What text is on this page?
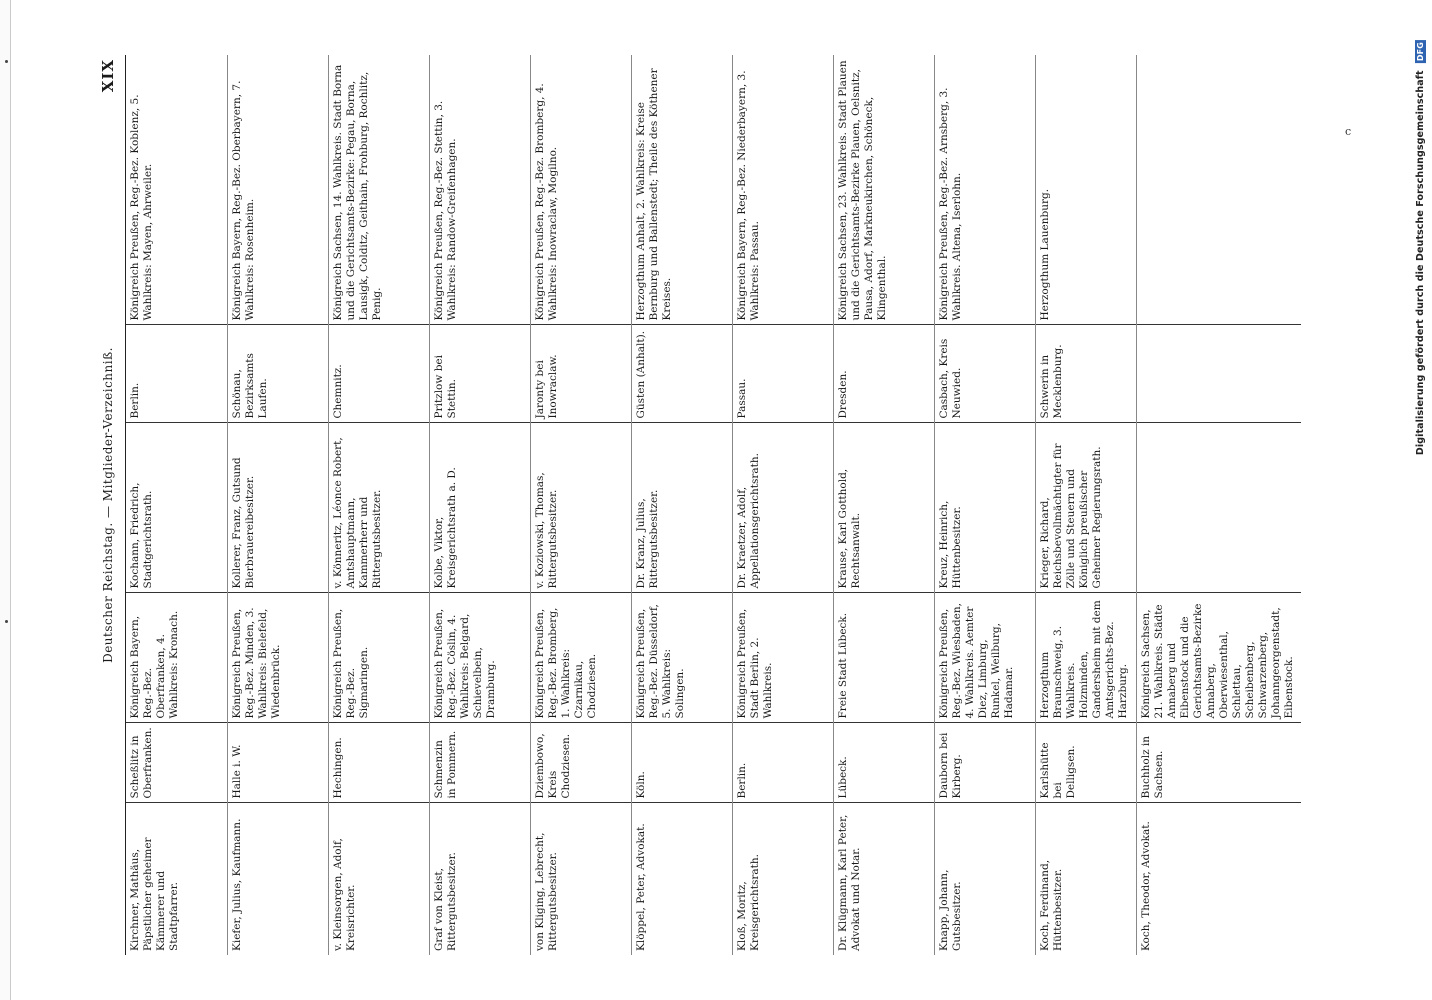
c
Deutscher Reichstag. — Mitglieder-Verzeichniß.
XIX
Kirchner, Mathäus, Päpstlicher geheimer Kämmerer und Stadtpfarrer.	Scheßlitz in Oberfranken.	Königreich Bayern, Reg.-Bez. Oberfranken, 4. Wahlkreis: Kronach.	Kochann, Friedrich, Stadtgerichtsrath.	Berlin.	Königreich Preußen, Reg.-Bez. Koblenz, 5. Wahlkreis: Mayen, Ahrweiler.
Kiefer, Julius, Kaufmann.	Halle i. W.	Königreich Preußen, Reg.-Bez. Minden, 3. Wahlkreis: Bielefeld, Wiedenbrück.	Kollerer, Franz, Gutsund Bierbrauereibesitzer.	Schönau, Bezirksamts Laufen.	Königreich Bayern, Reg.-Bez. Oberbayern, 7. Wahlkreis: Rosenheim.
v. Kleinsorgen, Adolf, Kreisrichter.	Hechingen.	Königreich Preußen, Reg.-Bez. Sigmaringen.	v. Könneritz, Léonce Robert, Amtshauptmann, Kammerherr und Rittergutsbesitzer.	Chemnitz.	Königreich Sachsen, 14. Wahlkreis. Stadt Borna und die Gerichtsamts-Bezirke: Pegau, Borna, Lausigk, Colditz, Geithain, Frohburg, Rochlitz, Penig.
Graf von Kleist, Rittergutsbesitzer.	Schmenzin in Pommern.	Königreich Preußen, Reg.-Bez. Cöslin, 4. Wahlkreis: Belgard, Schievelbein, Dramburg.	Kolbe, Viktor, Kreisgerichtsrath a. D.	Pritzlow bei Stettin.	Königreich Preußen, Reg.-Bez. Stettin, 3. Wahlkreis: Randow-Greifenhagen.
von Kliging, Lebrecht, Rittergutsbesitzer.	Dziembowo, Kreis Chodziesen.	Königreich Preußen, Reg.-Bez. Bromberg, 1. Wahlkreis: Czarnikau, Chodziesen.	v. Koziowski, Thomas, Rittergutsbesitzer.	Jaronty bei Inowraclaw.	Königreich Preußen, Reg.-Bez. Bromberg, 4. Wahlkreis: Inowraclaw, Mogilno.
Klöppel, Peter, Advokat.	Köln.	Königreich Preußen, Reg.-Bez. Düsseldorf, 5. Wahlkreis: Solingen.	Dr. Kranz, Julius, Rittergutsbesitzer.	Güsten (Anhalt).	Herzogthum Anhalt, 2. Wahlkreis: Kreise Bernburg und Ballenstedt; Theile des Köthener Kreises.
Kloß, Moritz, Kreisgerichtsrath.	Berlin.	Königreich Preußen, Stadt Berlin, 2. Wahlkreis.	Dr. Kraetzer, Adolf, Appellationsgerichtsrath.	Passau.	Königreich Bayern, Reg.-Bez. Niederbayern, 3. Wahlkreis: Passau.
Dr. Klügmann, Karl Peter, Advokat und Notar.	Lübeck.	Freie Stadt Lübeck.	Krause, Karl Gotthold, Rechtsanwalt.	Dresden.	Königreich Sachsen, 23. Wahlkreis. Stadt Plauen und die Gerichtsamts-Bezirke Plauen, Oelsnitz, Pausa, Adorf, Markneukirchen, Schöneck, Klingenthal.
Knapp, Johann, Gutsbesitzer.	Dauborn bei Kirberg.	Königreich Preußen, Reg.-Bez. Wiesbaden, 4. Wahlkreis. Aemter Diez, Limburg, Runkel, Weilburg, Hadamar.	Kreuz, Heinrich, Hüttenbesitzer.	Casbach, Kreis Neuwied.	Königreich Preußen, Reg.-Bez. Arnsberg, 3. Wahlkreis. Altena, Iserlohn.
Koch, Ferdinand, Hüttenbesitzer.	Karlshütte bei Delligsen.	Herzogthum Braunschweig, 3. Wahlkreis. Holzminden, Gandersheim mit dem Amtsgerichts-Bez. Harzburg.	Krieger, Richard, Reichsbevollmächtigter für Zölle und Steuern und Königlich preußischer Geheimer Regierungsrath.	Schwerin in Mecklenburg.	Herzogthum Lauenburg.
Koch, Theodor, Advokat.	Buchholz in Sachsen.	Königreich Sachsen, 21. Wahlkreis. Städte Annaberg und Eibenstock und die Gerichtsamts-Bezirke Annaberg, Oberwiesenthal, Schlettau, Scheibenberg, Schwarzenberg, Johanngeorgenstadt, Eibenstock.			
Digitalisierung gefördert durch die Deutsche Forschungsgemeinschaft DFG
